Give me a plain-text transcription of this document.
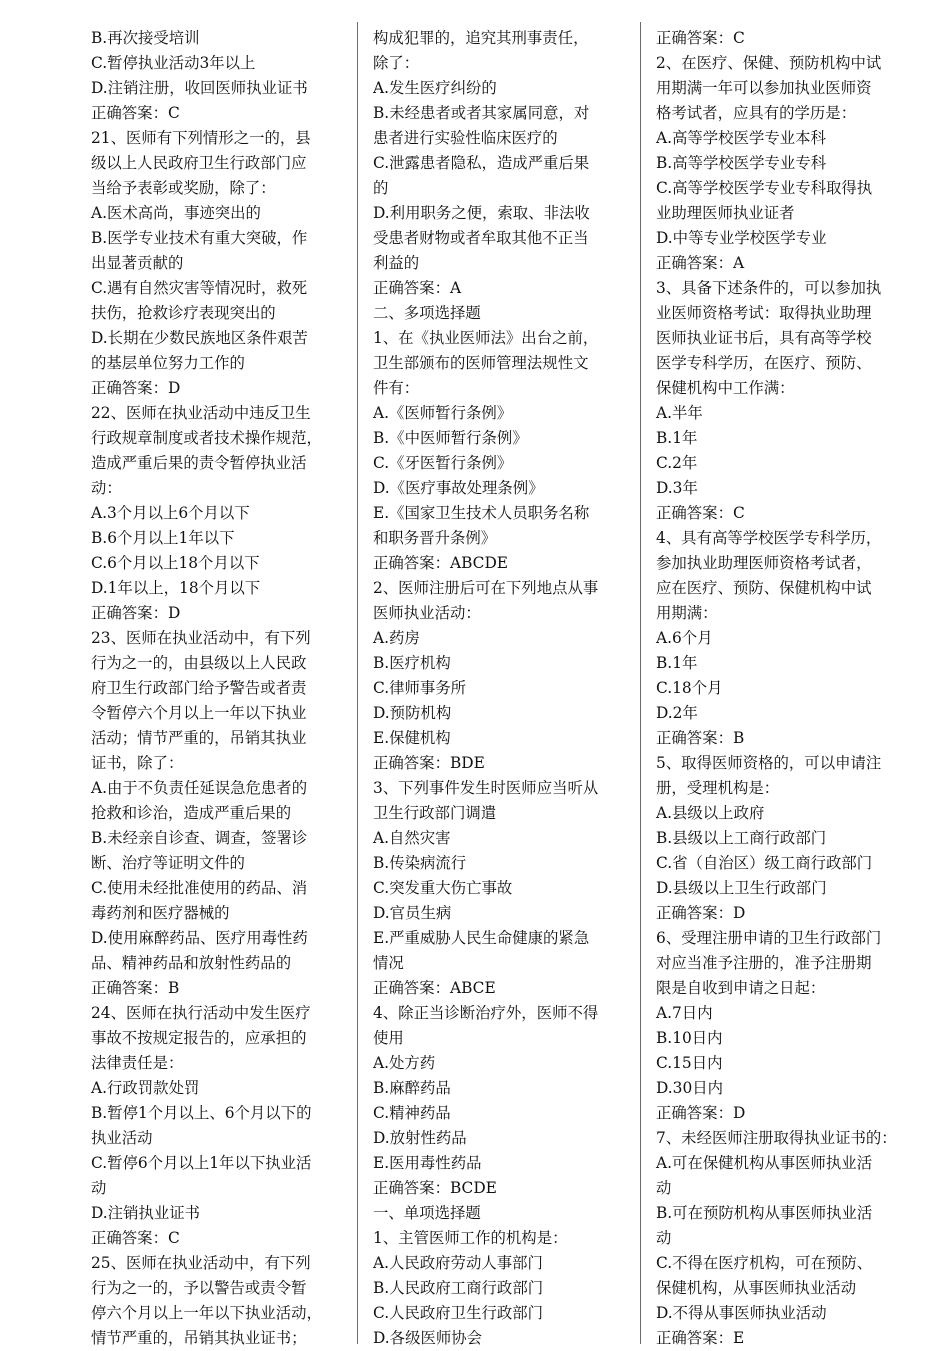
B.再次接受培训
C.暂停执业活动3年以上
D.注销注册，收回医师执业证书
正确答案：C
21、医师有下列情形之一的，县
级以上人民政府卫生行政部门应
当给予表彰或奖励，除了：
A.医术高尚，事迹突出的
B.医学专业技术有重大突破，作
出显著贡献的
C.遇有自然灾害等情况时，救死
扶伤，抢救诊疗表现突出的
D.长期在少数民族地区条件艰苦
的基层单位努力工作的
正确答案：D
22、医师在执业活动中违反卫生
行政规章制度或者技术操作规范，
造成严重后果的责令暂停执业活
动：
A.3个月以上6个月以下
B.6个月以上1年以下
C.6个月以上18个月以下
D.1年以上，18个月以下
正确答案：D
23、医师在执业活动中，有下列
行为之一的，由县级以上人民政
府卫生行政部门给予警告或者责
令暂停六个月以上一年以下执业
活动；情节严重的，吊销其执业
证书，除了：
A.由于不负责任延误急危患者的
抢救和诊治，造成严重后果的
B.未经亲自诊查、调查，签署诊
断、治疗等证明文件的
C.使用未经批准使用的药品、消
毒药剂和医疗器械的
D.使用麻醉药品、医疗用毒性药
品、精神药品和放射性药品的
正确答案：B
24、医师在执行活动中发生医疗
事故不按规定报告的，应承担的
法律责任是：
A.行政罚款处罚
B.暂停1个月以上、6个月以下的
执业活动
C.暂停6个月以上1年以下执业活
动
D.注销执业证书
正确答案：C
25、医师在执业活动中，有下列
行为之一的，予以警告或责令暂
停六个月以上一年以下执业活动，
情节严重的，吊销其执业证书；
构成犯罪的，追究其刑事责任，
除了：
A.发生医疗纠纷的
B.未经患者或者其家属同意，对
患者进行实验性临床医疗的
C.泄露患者隐私，造成严重后果
的
D.利用职务之便，索取、非法收
受患者财物或者牟取其他不正当
利益的
正确答案：A
二、多项选择题
1、在《执业医师法》出台之前，
卫生部颁布的医师管理法规性文
件有：
A.《医师暂行条例》
B.《中医师暂行条例》
C.《牙医暂行条例》
D.《医疗事故处理条例》
E.《国家卫生技术人员职务名称
和职务晋升条例》
正确答案：ABCDE
2、医师注册后可在下列地点从事
医师执业活动：
A.药房
B.医疗机构
C.律师事务所
D.预防机构
E.保健机构
正确答案：BDE
3、下列事件发生时医师应当听从
卫生行政部门调遣
A.自然灾害
B.传染病流行
C.突发重大伤亡事故
D.官员生病
E.严重威胁人民生命健康的紧急
情况
正确答案：ABCE
4、除正当诊断治疗外，医师不得
使用
A.处方药
B.麻醉药品
C.精神药品
D.放射性药品
E.医用毒性药品
正确答案：BCDE
一、单项选择题
1、主管医师工作的机构是：
A.人民政府劳动人事部门
B.人民政府工商行政部门
C.人民政府卫生行政部门
D.各级医师协会
正确答案：C
2、在医疗、保健、预防机构中试
用期满一年可以参加执业医师资
格考试者，应具有的学历是：
A.高等学校医学专业本科
B.高等学校医学专业专科
C.高等学校医学专业专科取得执
业助理医师执业证者
D.中等专业学校医学专业
正确答案：A
3、具备下述条件的，可以参加执
业医师资格考试：取得执业助理
医师执业证书后，具有高等学校
医学专科学历，在医疗、预防、
保健机构中工作满：
A.半年
B.1年
C.2年
D.3年
正确答案：C
4、具有高等学校医学专科学历，
参加执业助理医师资格考试者，
应在医疗、预防、保健机构中试
用期满：
A.6个月
B.1年
C.18个月
D.2年
正确答案：B
5、取得医师资格的，可以申请注
册，受理机构是：
A.县级以上政府
B.县级以上工商行政部门
C.省（自治区）级工商行政部门
D.县级以上卫生行政部门
正确答案：D
6、受理注册申请的卫生行政部门
对应当准予注册的，准予注册期
限是自收到申请之日起：
A.7日内
B.10日内
C.15日内
D.30日内
正确答案：D
7、未经医师注册取得执业证书的：
A.可在保健机构从事医师执业活
动
B.可在预防机构从事医师执业活
动
C.不得在医疗机构，可在预防、
保健机构，从事医师执业活动
D.不得从事医师执业活动
正确答案：E
